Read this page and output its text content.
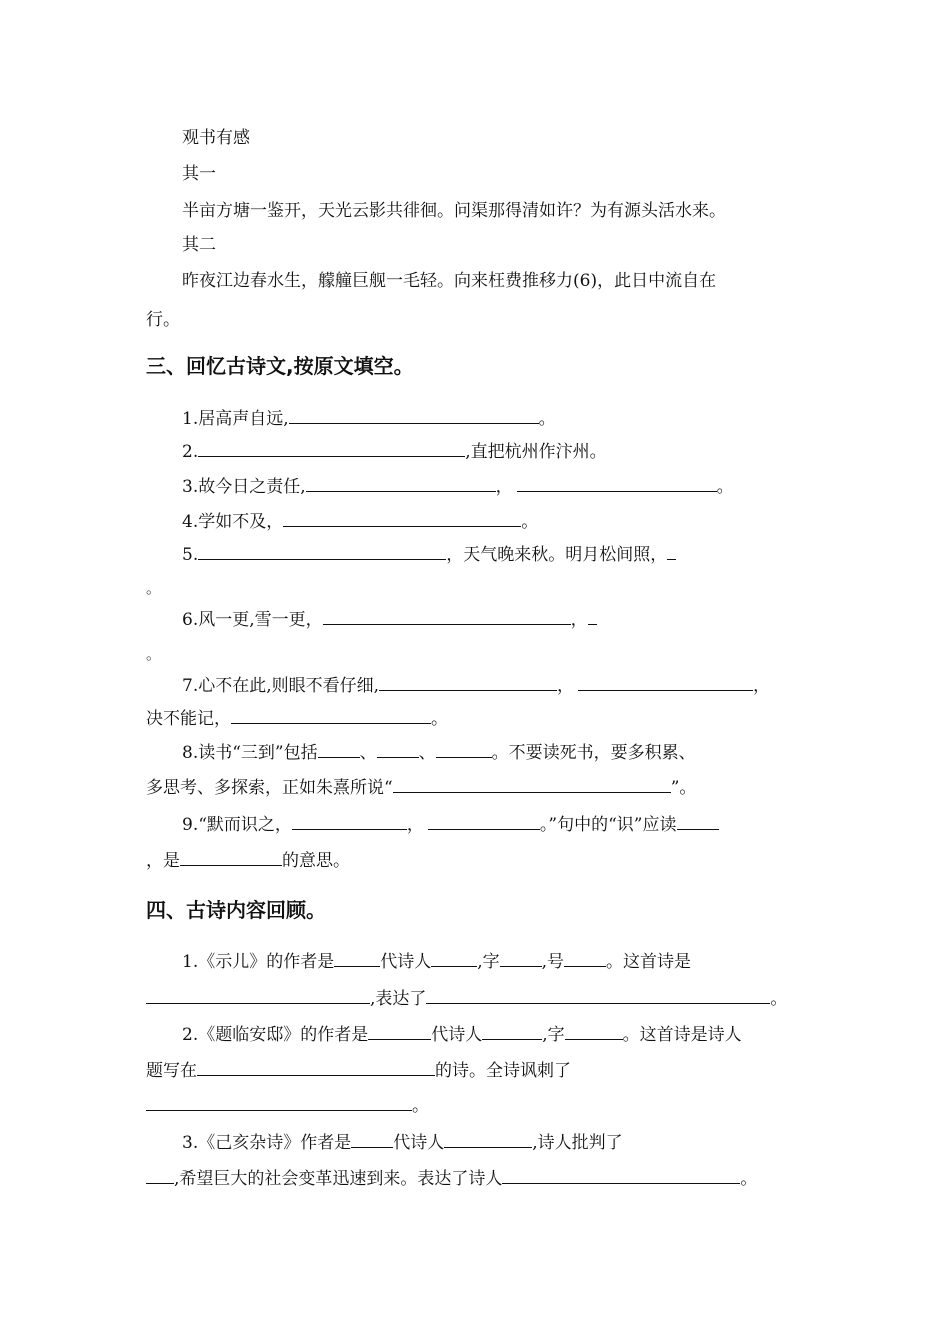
观书有感
其一
半亩方塘一鉴开，天光云影共徘徊。问渠那得清如许？为有源头活水来。
其二
昨夜江边春水生，艨艟巨舰一毛轻。向来枉费推移力(6)，此日中流自在
行。
三、回忆古诗文,按原文填空。
1.居高声自远,	。
2.	,直把杭州作汴州。
3.故今日之责任,	，	。
4.学如不及，	。
5.	，天气晚来秋。明月松间照，
。
6.风一更,雪一更，	，
。
7.心不在此,则眼不看仔细,	，	，
决不能记，	。
8.读书“三到”包括 、 、	。不要读死书，要多积累、
多思考、多探索，正如朱熹所说“	”。
9.“默而识之，	，	。”句中的“识”应读
，是	的意思。
四、古诗内容回顾。
1.《示儿》的作者是	代诗人	,字 ,号 。这首诗是
,表达了	。
2.《题临安邸》的作者是	代诗人	,字	。这首诗是诗人
题写在	的诗。全诗讽刺了
。
3.《己亥杂诗》作者是 代诗人	,诗人批判了
,希望巨大的社会变革迅速到来。表达了诗人	。
